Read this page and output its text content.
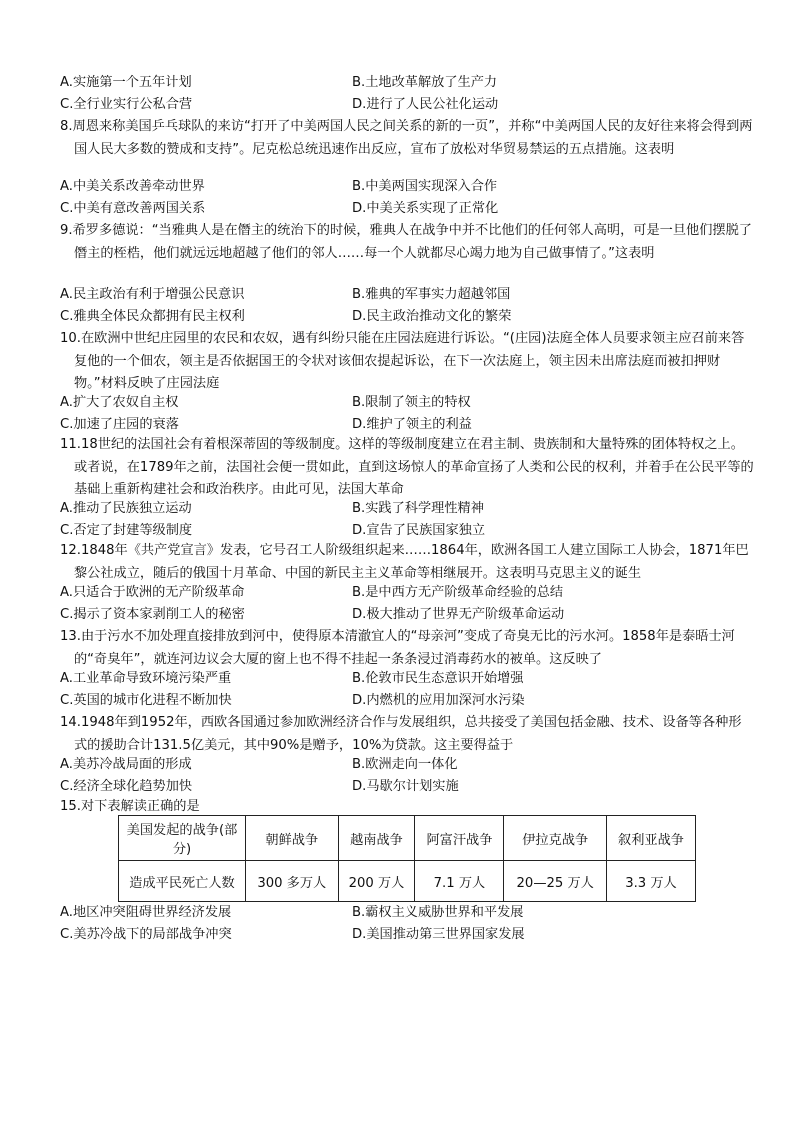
A.实施第一个五年计划	B.土地改革解放了生产力
C.全行业实行公私合营	D.进行了人民公社化运动
8.周恩来称美国乒乓球队的来访“打开了中美两国人民之间关系的新的一页”，并称“中美两国人民的友好往来将会得到两国人民大多数的赞成和支持”。尼克松总统迅速作出反应，宣布了放松对华贸易禁运的五点措施。这表明
A.中美关系改善牵动世界	B.中美两国实现深入合作
C.中美有意改善两国关系	D.中美关系实现了正常化
9.希罗多德说：“当雅典人是在僭主的统治下的时候，雅典人在战争中并不比他们的任何邻人高明，可是一旦他们摆脱了僭主的桎梏，他们就远远地超越了他们的邻人……每一个人就都尽心竭力地为自己做事情了。”这表明
A.民主政治有利于增强公民意识	B.雅典的军事实力超越邻国
C.雅典全体民众都拥有民主权利	D.民主政治推动文化的繁荣
10.在欧洲中世纪庄园里的农民和农奴，遇有纠纷只能在庄园法庭进行诉讼。“(庄园)法庭全体人员要求领主应召前来答复他的一个佃农，领主是否依据国王的令状对该佃农提起诉讼，在下一次法庭上，领主因未出席法庭而被扣押财物。”材料反映了庄园法庭
A.扩大了农奴自主权	B.限制了领主的特权
C.加速了庄园的衰落	D.维护了领主的利益
11.18世纪的法国社会有着根深蒂固的等级制度。这样的等级制度建立在君主制、贵族制和大量特殊的团体特权之上。或者说，在1789年之前，法国社会便一贯如此，直到这场惊人的革命宣扬了人类和公民的权利，并着手在公民平等的基础上重新构建社会和政治秩序。由此可见，法国大革命
A.推动了民族独立运动	B.实践了科学理性精神
C.否定了封建等级制度	D.宣告了民族国家独立
12.1848年《共产党宣言》发表，它号召工人阶级组织起来……1864年，欧洲各国工人建立国际工人协会，1871年巴黎公社成立，随后的俄国十月革命、中国的新民主主义革命等相继展开。这表明马克思主义的诞生
A.只适合于欧洲的无产阶级革命	B.是中西方无产阶级革命经验的总结
C.揭示了资本家剥削工人的秘密	D.极大推动了世界无产阶级革命运动
13.由于污水不加处理直接排放到河中，使得原本清澈宜人的“母亲河”变成了奇臭无比的污水河。1858年是泰晤士河的“奇臭年”，就连河边议会大厦的窗上也不得不挂起一条条浸过消毒药水的被单。这反映了
A.工业革命导致环境污染严重	B.伦敦市民生态意识开始增强
C.英国的城市化进程不断加快	D.内燃机的应用加深河水污染
14.1948年到1952年，西欧各国通过参加欧洲经济合作与发展组织，总共接受了美国包括金融、技术、设备等各种形式的援助合计131.5亿美元，其中90%是赠予，10%为贷款。这主要得益于
A.美苏冷战局面的形成	B.欧洲走向一体化
C.经济全球化趋势加快	D.马歇尔计划实施
15.对下表解读正确的是
美国发起的战争(部分)	朝鲜战争	越南战争	阿富汗战争	伊拉克战争	叙利亚战争
造成平民死亡人数	300 多万人	200 万人	7.1 万人	20—25 万人	3.3 万人
A.地区冲突阻碍世界经济发展	B.霸权主义威胁世界和平发展
C.美苏冷战下的局部战争冲突	D.美国推动第三世界国家发展
